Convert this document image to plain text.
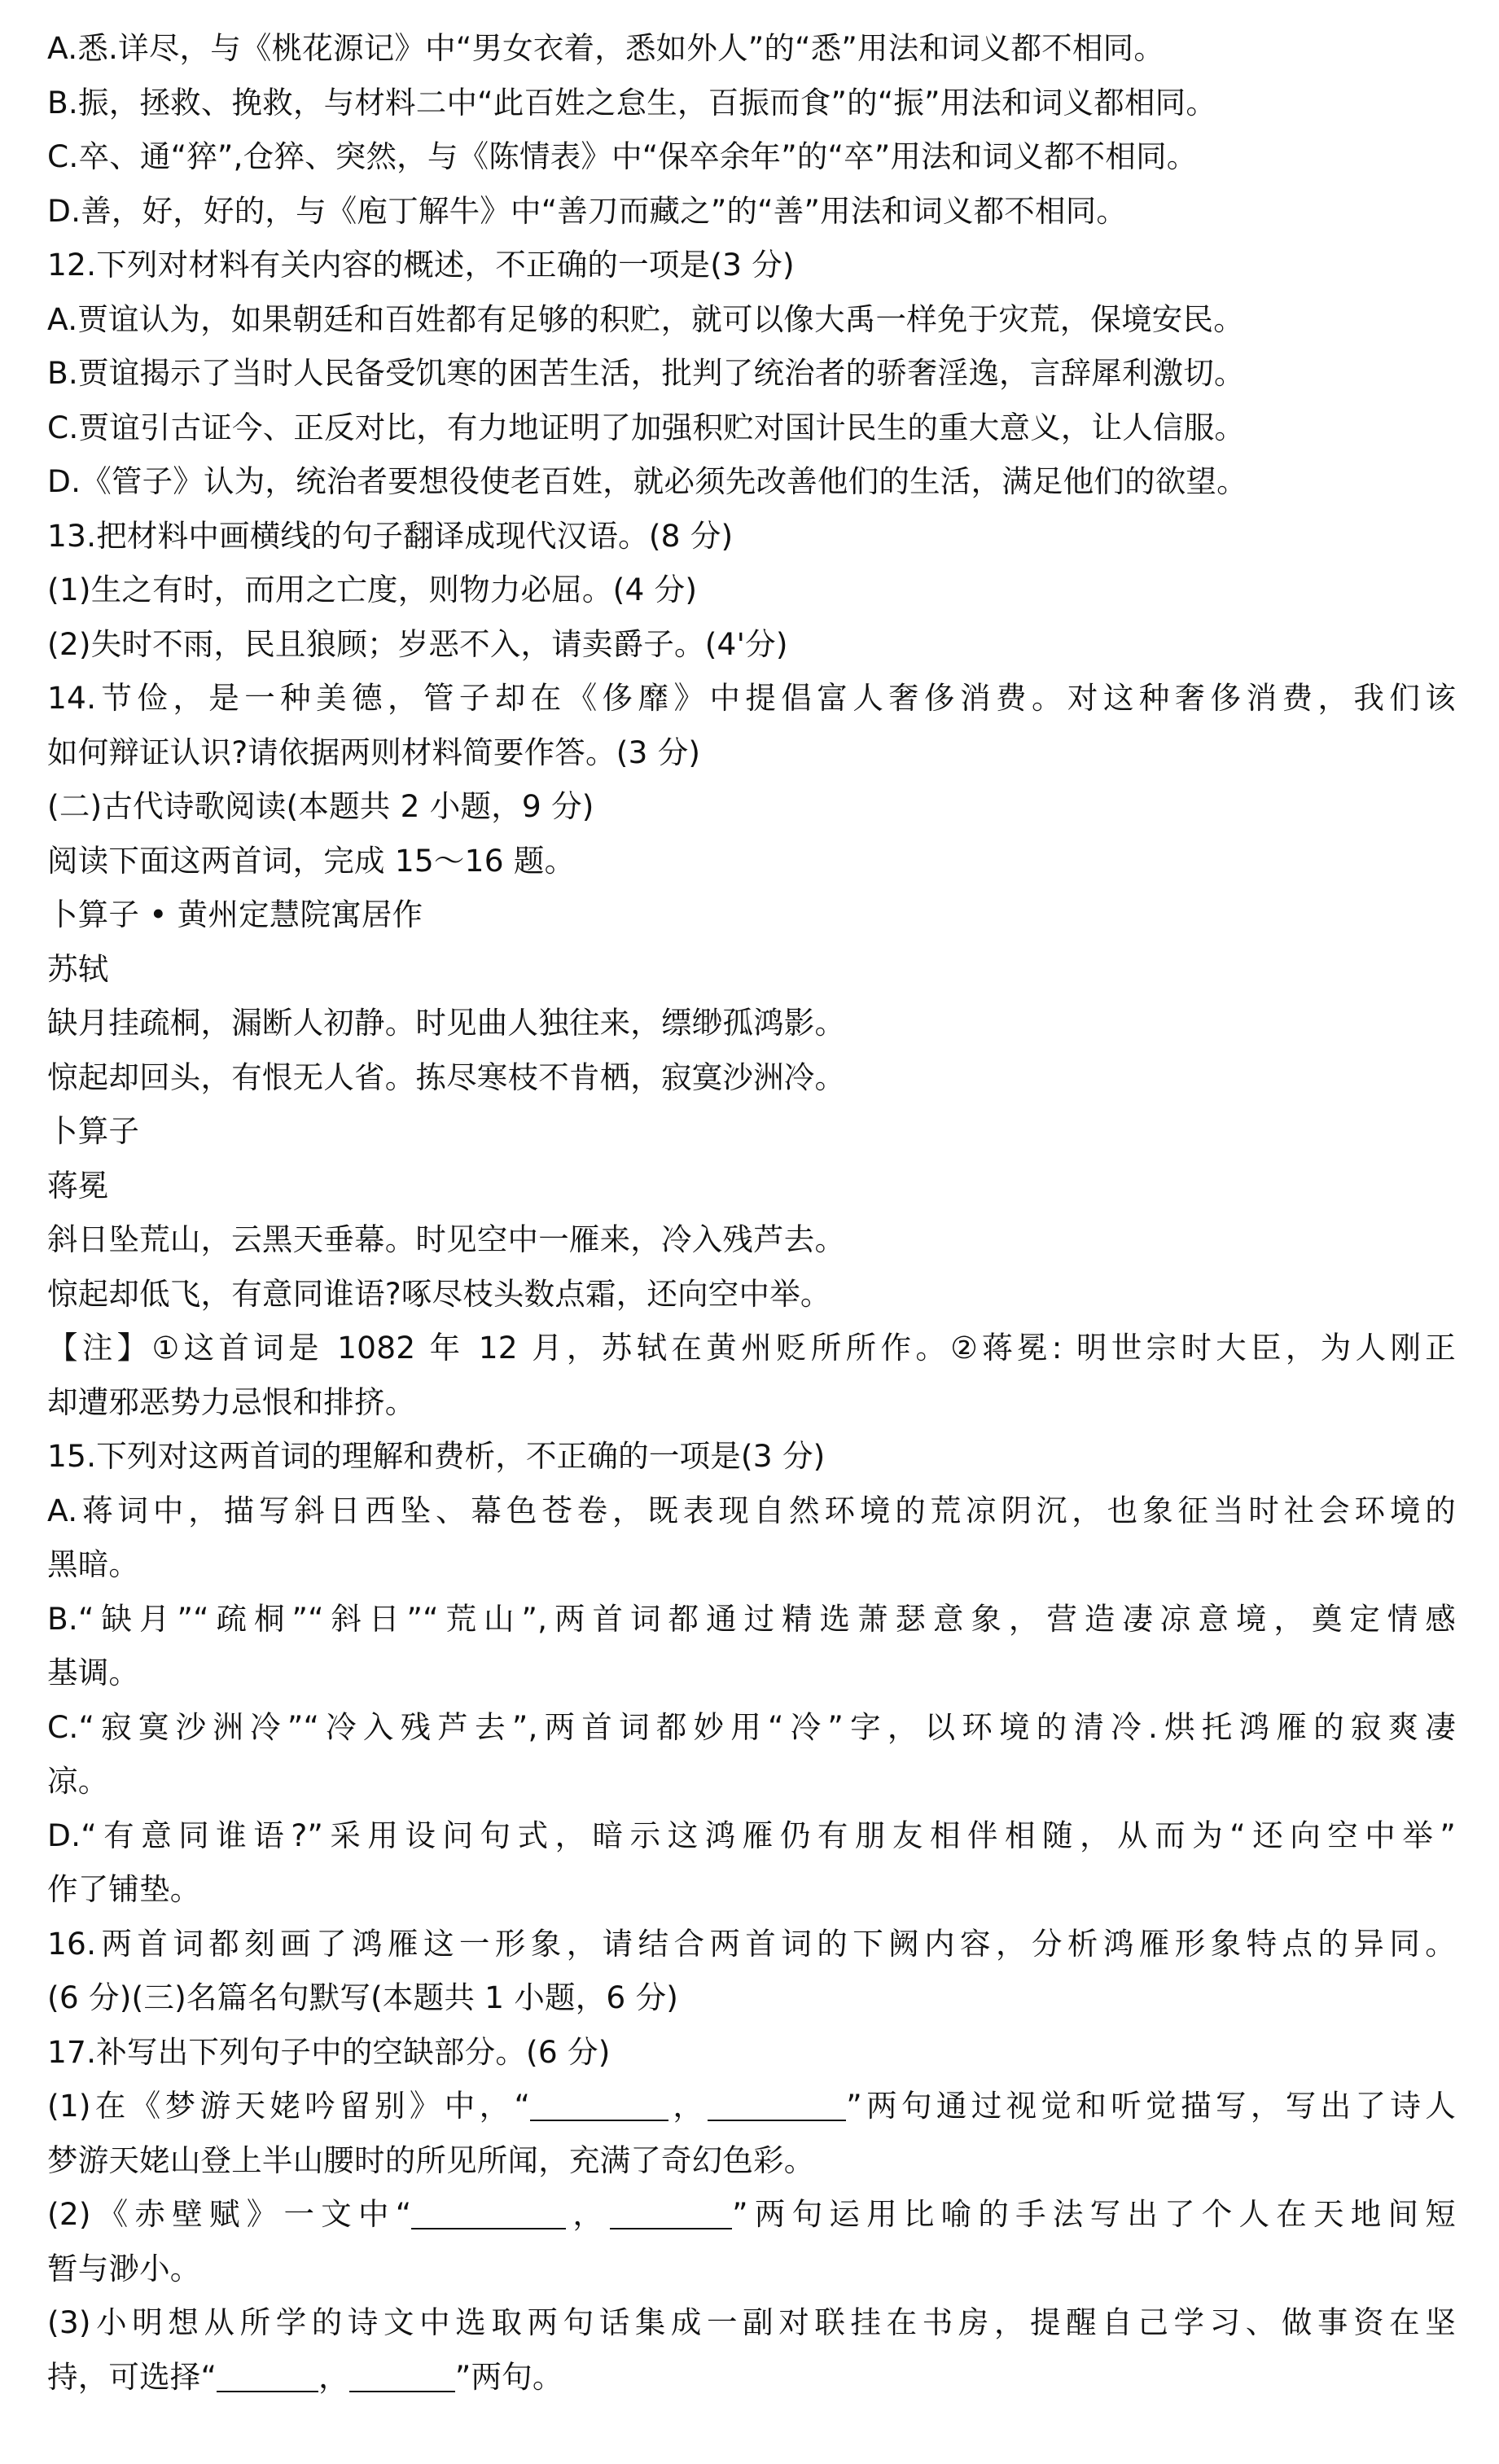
A.悉.详尽，与《桃花源记》中“男女衣着，悉如外人”的“悉”用法和词义都不相同。
B.振，拯救、挽救，与材料二中“此百姓之怠生，百振而食”的“振”用法和词义都相同。
C.卒、通“猝”,仓猝、突然，与《陈情表》中“保卒余年”的“卒”用法和词义都不相同。
D.善，好，好的，与《庖丁解牛》中“善刀而藏之”的“善”用法和词义都不相同。
12.下列对材料有关内容的概述，不正确的一项是(3 分)
A.贾谊认为，如果朝廷和百姓都有足够的积贮，就可以像大禹一样免于灾荒，保境安民。
B.贾谊揭示了当时人民备受饥寒的困苦生活，批判了统治者的骄奢淫逸，言辞犀利激切。
C.贾谊引古证今、正反对比，有力地证明了加强积贮对国计民生的重大意义，让人信服。
D.《管子》认为，统治者要想役使老百姓，就必须先改善他们的生活，满足他们的欲望。
13.把材料中画横线的句子翻译成现代汉语。(8 分)
(1)生之有时，而用之亡度，则物力必屈。(4 分)
(2)失时不雨，民且狼顾；岁恶不入，请卖爵子。(4'分)
14.节俭，是一种美德，管子却在《侈靡》中提倡富人奢侈消费。对这种奢侈消费，我们该
如何辩证认识?请依据两则材料简要作答。(3 分)
(二)古代诗歌阅读(本题共 2 小题，9 分)
阅读下面这两首词，完成 15～16 题。
卜算子 • 黄州定慧院寓居作
苏轼
缺月挂疏桐，漏断人初静。时见曲人独往来，缥缈孤鸿影。
惊起却回头，有恨无人省。拣尽寒枝不肯栖，寂寞沙洲冷。
卜算子
蒋冕
斜日坠荒山，云黑天垂幕。时见空中一雁来，冷入残芦去。
惊起却低飞，有意同谁语?啄尽枝头数点霜，还向空中举。
【注】①这首词是 1082 年 12 月，苏轼在黄州贬所所作。②蒋冕: 明世宗时大臣，为人刚正
却遭邪恶势力忌恨和排挤。
15.下列对这两首词的理解和费析，不正确的一项是(3 分)
A.蒋词中，描写斜日西坠、幕色苍卷，既表现自然环境的荒凉阴沉，也象征当时社会环境的
黑暗。
B.“缺月”“疏桐”“斜日”“荒山”,两首词都通过精选萧瑟意象，营造凄凉意境，奠定情感
基调。
C.“寂寞沙洲冷”“冷入残芦去”,两首词都妙用“冷”字，以环境的清冷.烘托鸿雁的寂爽凄
凉。
D.“有意同谁语?”采用设问句式，暗示这鸿雁仍有朋友相伴相随，从而为“还向空中举”
作了铺垫。
16.两首词都刻画了鸿雁这一形象，请结合两首词的下阙内容，分析鸿雁形象特点的异同。
(6 分)(三)名篇名句默写(本题共 1 小题，6 分)
17.补写出下列句子中的空缺部分。(6 分)
(1)在《梦游天姥吟留别》中，“	，	”两句通过视觉和听觉描写，写出了诗人
梦游天姥山登上半山腰时的所见所闻，充满了奇幻色彩。
(2)《赤壁赋》一文中“	，	”两句运用比喻的手法写出了个人在天地间短
暂与渺小。
(3)小明想从所学的诗文中选取两句话集成一副对联挂在书房，提醒自己学习、做事资在坚
持，可选择“	，	”两句。
